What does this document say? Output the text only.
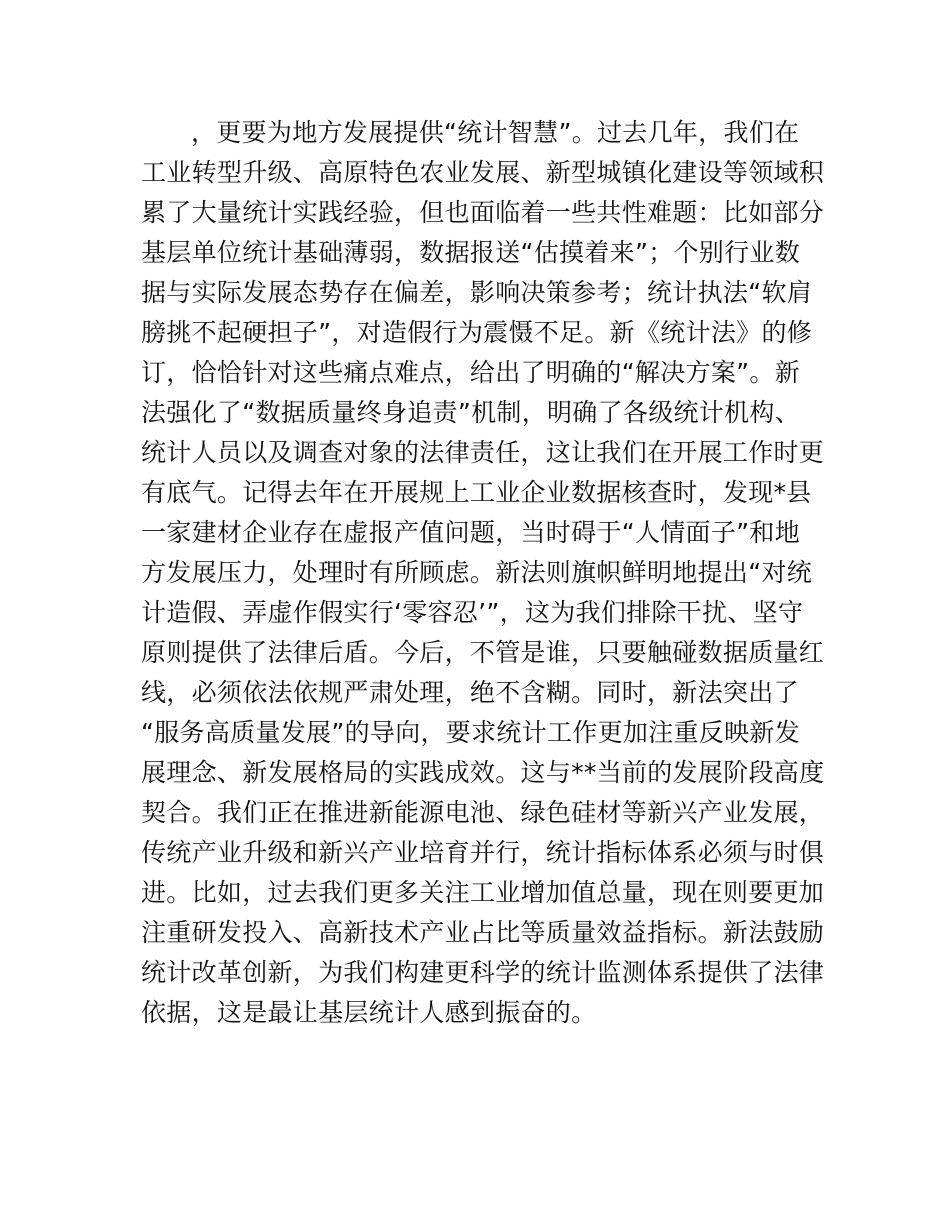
，更要为地方发展提供“统计智慧”。过去几年，我们在
工业转型升级、高原特色农业发展、新型城镇化建设等领域积
累了大量统计实践经验，但也面临着一些共性难题：比如部分
基层单位统计基础薄弱，数据报送“估摸着来”；个别行业数
据与实际发展态势存在偏差，影响决策参考；统计执法“软肩
膀挑不起硬担子”，对造假行为震慑不足。新《统计法》的修
订，恰恰针对这些痛点难点，给出了明确的“解决方案”。新
法强化了“数据质量终身追责”机制，明确了各级统计机构、
统计人员以及调查对象的法律责任，这让我们在开展工作时更
有底气。记得去年在开展规上工业企业数据核查时，发现*县
一家建材企业存在虚报产值问题，当时碍于“人情面子”和地
方发展压力，处理时有所顾虑。新法则旗帜鲜明地提出“对统
计造假、弄虚作假实行‘零容忍’”，这为我们排除干扰、坚守
原则提供了法律后盾。今后，不管是谁，只要触碰数据质量红
线，必须依法依规严肃处理，绝不含糊。同时，新法突出了
“服务高质量发展”的导向，要求统计工作更加注重反映新发
展理念、新发展格局的实践成效。这与**当前的发展阶段高度
契合。我们正在推进新能源电池、绿色硅材等新兴产业发展，
传统产业升级和新兴产业培育并行，统计指标体系必须与时俱
进。比如，过去我们更多关注工业增加值总量，现在则要更加
注重研发投入、高新技术产业占比等质量效益指标。新法鼓励
统计改革创新，为我们构建更科学的统计监测体系提供了法律
依据，这是最让基层统计人感到振奋的。
